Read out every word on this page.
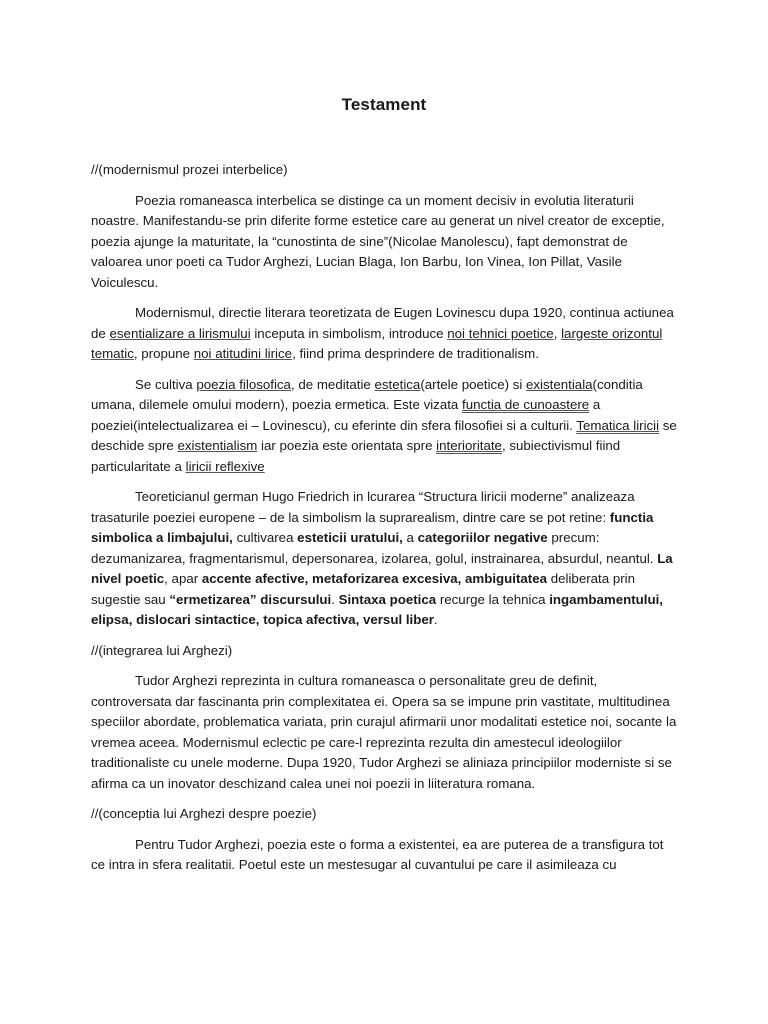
Testament
//(modernismul prozei interbelice)
Poezia romaneasca interbelica se distinge ca un moment decisiv in evolutia literaturii noastre. Manifestandu-se prin diferite forme estetice care au generat un nivel creator de exceptie, poezia ajunge la maturitate, la “cunostinta de sine”(Nicolae Manolescu), fapt demonstrat de valoarea unor poeti ca Tudor Arghezi, Lucian Blaga, Ion Barbu, Ion Vinea, Ion Pillat, Vasile Voiculescu.
Modernismul, directie literara teoretizata de Eugen Lovinescu dupa 1920, continua actiunea de esentializare a lirismului inceputa in simbolism, introduce noi tehnici poetice, largeste orizontul tematic, propune noi atitudini lirice, fiind prima desprindere de traditionalism.
Se cultiva poezia filosofica, de meditatie estetica(artele poetice) si existentiala(conditia umana, dilemele omului modern), poezia ermetica. Este vizata functia de cunoastere a poeziei(intelectualizarea ei – Lovinescu), cu eferinte din sfera filosofiei si a culturii. Tematica liricii se deschide spre existentialism iar poezia este orientata spre interioritate, subiectivismul fiind particularitate a liricii reflexive
Teoreticianul german Hugo Friedrich in lcurarea “Structura liricii moderne” analizeaza trasaturile poeziei europene – de la simbolism la suprarealism, dintre care se pot retine: functia simbolica a limbajului, cultivarea esteticii uratului, a categoriilor negative precum: dezumanizarea, fragmentarismul, depersonarea, izolarea, golul, instrainarea, absurdul, neantul. La nivel poetic, apar accente afective, metaforizarea excesiva, ambiguitatea deliberata prin sugestie sau “ermetizarea” discursului. Sintaxa poetica recurge la tehnica ingambamentului, elipsa, dislocari sintactice, topica afectiva, versul liber.
//(integrarea lui Arghezi)
Tudor Arghezi reprezinta in cultura romaneasca o personalitate greu de definit, controversata dar fascinanta prin complexitatea ei. Opera sa se impune prin vastitate, multitudinea speciilor abordate, problematica variata, prin curajul afirmarii unor modalitati estetice noi, socante la vremea aceea. Modernismul eclectic pe care-l reprezinta rezulta din amestecul ideologiilor traditionaliste cu unele moderne. Dupa 1920, Tudor Arghezi se aliniaza principiilor moderniste si se afirma ca un inovator deschizand calea unei noi poezii in liiteratura romana.
//(conceptia lui Arghezi despre poezie)
Pentru Tudor Arghezi, poezia este o forma a existentei, ea are puterea de a transfigura tot ce intra in sfera realitatii. Poetul este un mestesugar al cuvantului pe care il asimileaza cu
